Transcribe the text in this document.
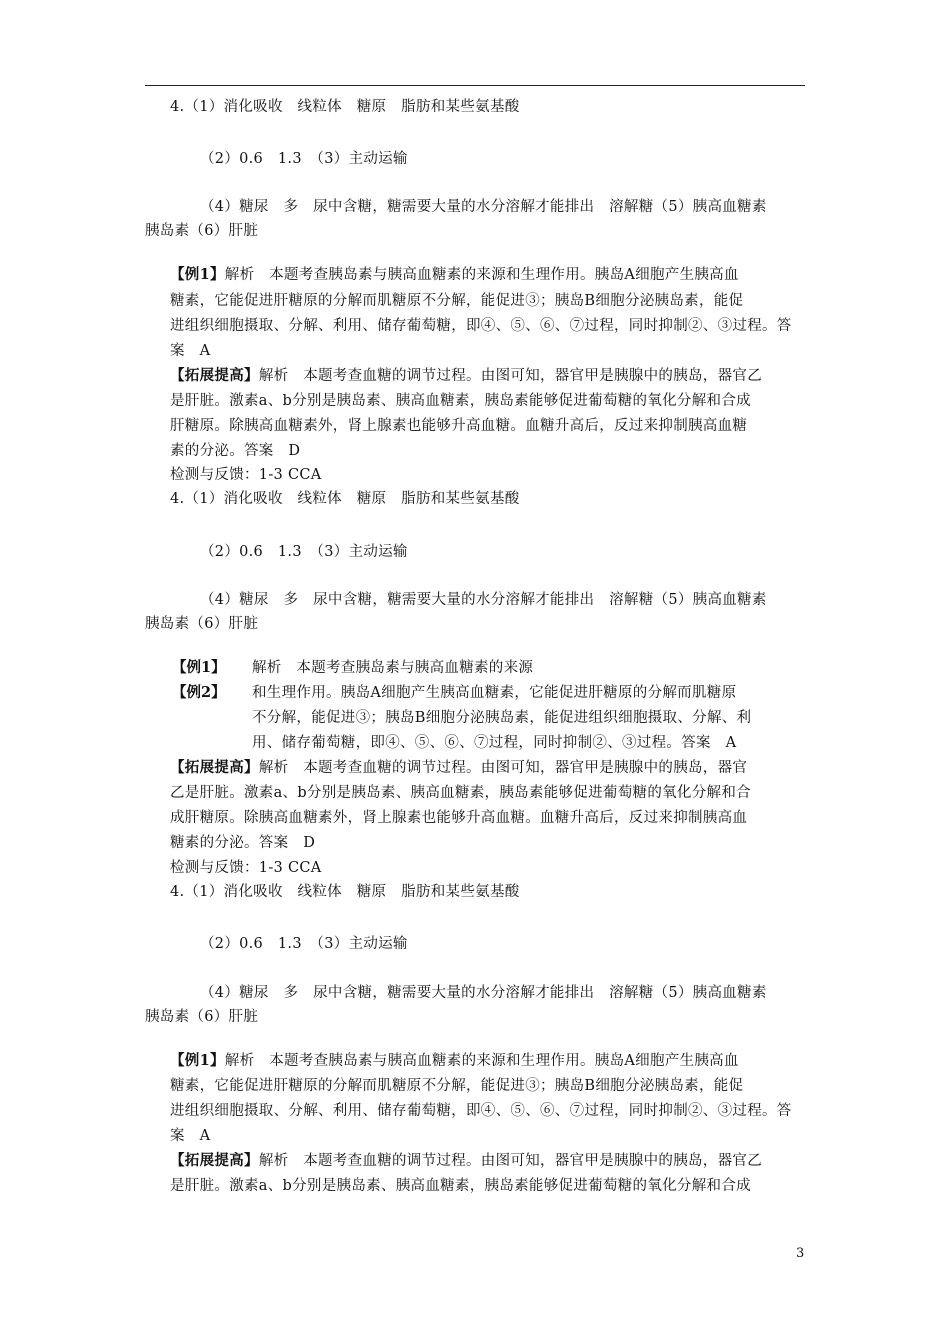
4.（1）消化吸收　线粒体　糖原　脂肪和某些氨基酸
（2）0.6　1.3　（3）主动运输
（4）糖尿　多　尿中含糖，糖需要大量的水分溶解才能排出　溶解糖（5）胰高血糖素
胰岛素（6）肝脏
【例1】解析　本题考查胰岛素与胰高血糖素的来源和生理作用。胰岛A细胞产生胰高血
糖素，它能促进肝糖原的分解而肌糖原不分解，能促进③；胰岛B细胞分泌胰岛素，能促
进组织细胞摄取、分解、利用、储存葡萄糖，即④、⑤、⑥、⑦过程，同时抑制②、③过程。答
案　A
【拓展提高】解析　本题考查血糖的调节过程。由图可知，器官甲是胰腺中的胰岛，器官乙
是肝脏。激素a、b分别是胰岛素、胰高血糖素，胰岛素能够促进葡萄糖的氧化分解和合成
肝糖原。除胰高血糖素外，肾上腺素也能够升高血糖。血糖升高后，反过来抑制胰高血糖
素的分泌。答案　D
检测与反馈：1-3 CCA
4.（1）消化吸收　线粒体　糖原　脂肪和某些氨基酸
（2）0.6　1.3　（3）主动运输
（4）糖尿　多　尿中含糖，糖需要大量的水分溶解才能排出　溶解糖（5）胰高血糖素
胰岛素（6）肝脏
【例1】
【例2】
解析　本题考查胰岛素与胰高血糖素的来源
和生理作用。胰岛A细胞产生胰高血糖素，它能促进肝糖原的分解而肌糖原
不分解，能促进③；胰岛B细胞分泌胰岛素，能促进组织细胞摄取、分解、利
用、储存葡萄糖，即④、⑤、⑥、⑦过程，同时抑制②、③过程。答案　A
【拓展提高】解析　本题考查血糖的调节过程。由图可知，器官甲是胰腺中的胰岛，器官
乙是肝脏。激素a、b分别是胰岛素、胰高血糖素，胰岛素能够促进葡萄糖的氧化分解和合
成肝糖原。除胰高血糖素外，肾上腺素也能够升高血糖。血糖升高后，反过来抑制胰高血
糖素的分泌。答案　D
检测与反馈：1-3 CCA
4.（1）消化吸收　线粒体　糖原　脂肪和某些氨基酸
（2）0.6　1.3　（3）主动运输
（4）糖尿　多　尿中含糖，糖需要大量的水分溶解才能排出　溶解糖（5）胰高血糖素
胰岛素（6）肝脏
【例1】解析　本题考查胰岛素与胰高血糖素的来源和生理作用。胰岛A细胞产生胰高血
糖素，它能促进肝糖原的分解而肌糖原不分解，能促进③；胰岛B细胞分泌胰岛素，能促
进组织细胞摄取、分解、利用、储存葡萄糖，即④、⑤、⑥、⑦过程，同时抑制②、③过程。答
案　A
【拓展提高】解析　本题考查血糖的调节过程。由图可知，器官甲是胰腺中的胰岛，器官乙
是肝脏。激素a、b分别是胰岛素、胰高血糖素，胰岛素能够促进葡萄糖的氧化分解和合成
3
